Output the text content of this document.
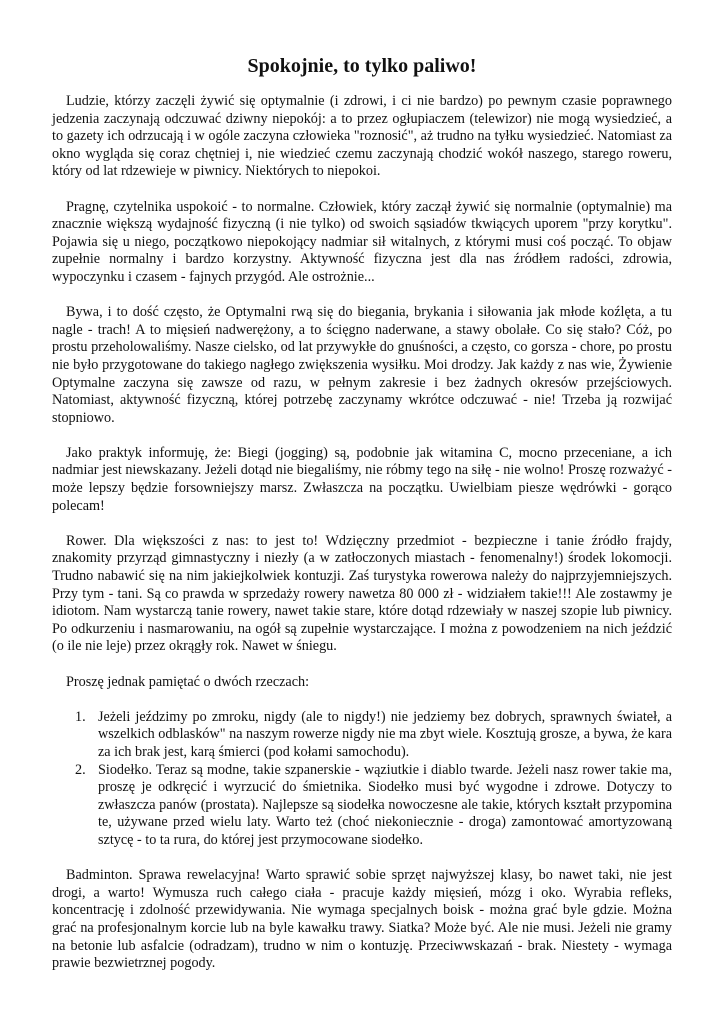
Spokojnie, to tylko paliwo!

Ludzie, którzy zaczęli żywić się optymalnie (i zdrowi, i ci nie bardzo) po pewnym czasie poprawnego jedzenia zaczynają odczuwać dziwny niepokój: a to przez ogłupiaczem (telewizor) nie mogą wysiedzieć, a to gazety ich odrzucają i w ogóle zaczyna człowieka "roznosić", aż trudno na tyłku wysiedzieć. Natomiast za okno wygląda się coraz chętniej i, nie wiedzieć czemu zaczynają chodzić wokół naszego, starego roweru, który od lat rdzewieje w piwnicy. Niektórych to niepokoi.

Pragnę, czytelnika uspokoić - to normalne. Człowiek, który zaczął żywić się normalnie (optymalnie) ma znacznie większą wydajność fizyczną (i nie tylko) od swoich sąsiadów tkwiących uporem "przy korytku". Pojawia się u niego, początkowo niepokojący nadmiar sił witalnych, z którymi musi coś począć. To objaw zupełnie normalny i bardzo korzystny. Aktywność fizyczna jest dla nas źródłem radości, zdrowia, wypoczynku i czasem - fajnych przygód. Ale ostrożnie...

Bywa, i to dość często, że Optymalni rwą się do biegania, brykania i siłowania jak młode koźlęta, a tu nagle - trach! A to mięsień nadwerężony, a to ścięgno naderwane, a stawy obolałe. Co się stało? Cóż, po prostu przeholowaliśmy. Nasze cielsko, od lat przywykłe do gnuśności, a często, co gorsza - chore, po prostu nie było przygotowane do takiego nagłego zwiększenia wysiłku. Moi drodzy. Jak każdy z nas wie, Żywienie Optymalne zaczyna się zawsze od razu, w pełnym zakresie i bez żadnych okresów przejściowych. Natomiast, aktywność fizyczną, której potrzebę zaczynamy wkrótce odczuwać - nie! Trzeba ją rozwijać stopniowo.

Jako praktyk informuję, że: Biegi (jogging) są, podobnie jak witamina C, mocno przeceniane, a ich nadmiar jest niewskazany. Jeżeli dotąd nie biegaliśmy, nie róbmy tego na siłę - nie wolno! Proszę rozważyć - może lepszy będzie forsowniejszy marsz. Zwłaszcza na początku. Uwielbiam piesze wędrówki - gorąco polecam!

Rower. Dla większości z nas: to jest to! Wdzięczny przedmiot - bezpieczne i tanie źródło frajdy, znakomity przyrząd gimnastyczny i niezły (a w zatłoczonych miastach - fenomenalny!) środek lokomocji. Trudno nabawić się na nim jakiejkolwiek kontuzji. Zaś turystyka rowerowa należy do najprzyjemniejszych. Przy tym - tani. Są co prawda w sprzedaży rowery nawetza 80 000 zł - widziałem takie!!! Ale zostawmy je idiotom. Nam wystarczą tanie rowery, nawet takie stare, które dotąd rdzewiały w naszej szopie lub piwnicy. Po odkurzeniu i nasmarowaniu, na ogół są zupełnie wystarczające. I można z powodzeniem na nich jeździć (o ile nie leje) przez okrągły rok. Nawet w śniegu.

Proszę jednak pamiętać o dwóch rzeczach:

1. Jeżeli jeździmy po zmroku, nigdy (ale to nigdy!) nie jedziemy bez dobrych, sprawnych świateł, a wszelkich odblasków" na naszym rowerze nigdy nie ma zbyt wiele. Kosztują grosze, a bywa, że kara za ich brak jest, karą śmierci (pod kołami samochodu).
2. Siodełko. Teraz są modne, takie szpanerskie - wąziutkie i diablo twarde. Jeżeli nasz rower takie ma, proszę je odkręcić i wyrzucić do śmietnika. Siodełko musi być wygodne i zdrowe. Dotyczy to zwłaszcza panów (prostata). Najlepsze są siodełka nowoczesne ale takie, których kształt przypomina te, używane przed wielu laty. Warto też (choć niekoniecznie - droga) zamontować amortyzowaną sztycę - to ta rura, do której jest przymocowane siodełko.

Badminton. Sprawa rewelacyjna! Warto sprawić sobie sprzęt najwyższej klasy, bo nawet taki, nie jest drogi, a warto! Wymusza ruch całego ciała - pracuje każdy mięsień, mózg i oko. Wyrabia refleks, koncentrację i zdolność przewidywania. Nie wymaga specjalnych boisk - można grać byle gdzie. Można grać na profesjonalnym korcie lub na byle kawałku trawy. Siatka? Może być. Ale nie musi. Jeżeli nie gramy na betonie lub asfalcie (odradzam), trudno w nim o kontuzję. Przeciwwskazań - brak. Niestety - wymaga prawie bezwietrznej pogody.
